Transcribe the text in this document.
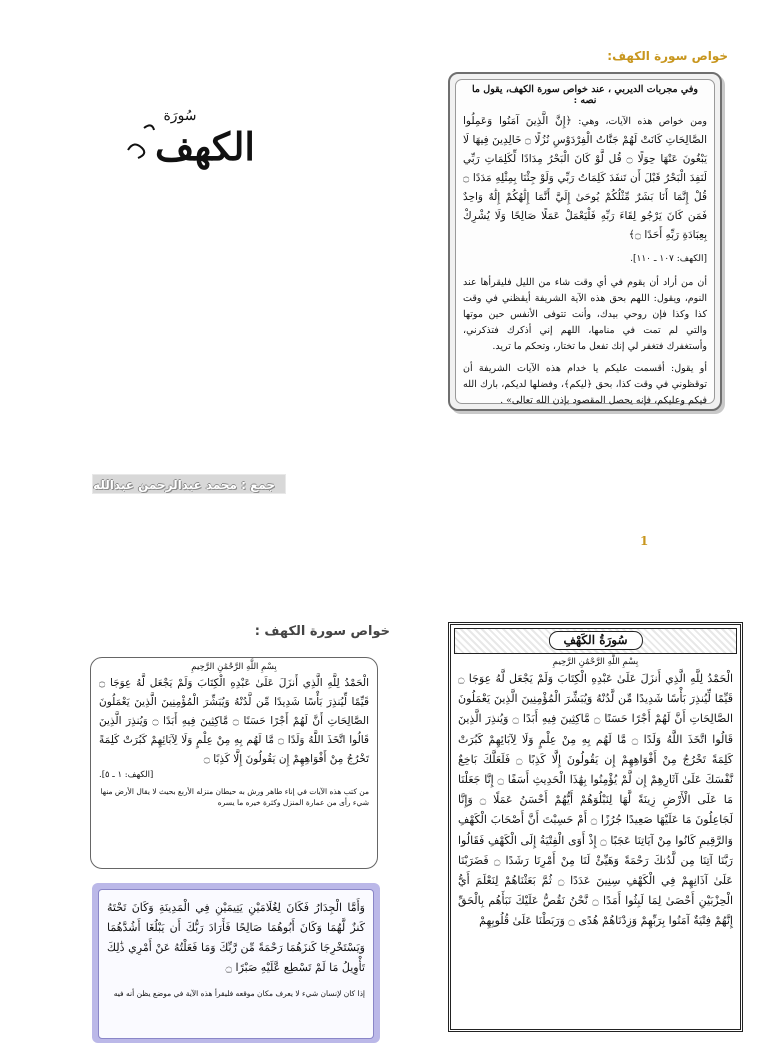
خواص سورة الكهف:
سُورَة
الكهف
وفي مجربات الديربي ، عند خواص سورة الكهف، يقول ما نصه :

ومن خواص هذه الآيات، وهي: ﴿إِنَّ الَّذِينَ آمَنُوا وَعَمِلُوا الصَّالِحَاتِ كَانَتْ لَهُمْ جَنَّاتُ الْفِرْدَوْسِ نُزُلًا ۝ خَالِدِينَ فِيهَا لَا يَبْغُونَ عَنْهَا حِوَلًا ۝ قُل لَّوْ كَانَ الْبَحْرُ مِدَادًا لِّكَلِمَاتِ رَبِّي لَنَفِدَ الْبَحْرُ قَبْلَ أَن تَنفَدَ كَلِمَاتُ رَبِّي وَلَوْ جِئْنَا بِمِثْلِهِ مَدَدًا ۝ قُلْ إِنَّمَا أَنَا بَشَرٌ مِّثْلُكُمْ يُوحَىٰ إِلَيَّ أَنَّمَا إِلَٰهُكُمْ إِلَٰهٌ وَاحِدٌ فَمَن كَانَ يَرْجُو لِقَاءَ رَبِّهِ فَلْيَعْمَلْ عَمَلًا صَالِحًا وَلَا يُشْرِكْ بِعِبَادَةِ رَبِّهِ أَحَدًا ۝﴾

[الكهف: ١٠٧ ـ ١١٠].

أن من أراد أن يقوم في أي وقت شاء من الليل فليقرأها عند النوم، ويقول: اللهم بحق هذه الآية الشريفة أيقظني في وقت كذا وكذا فإن روحي بيدك، وأنت تتوفى الأنفس حين موتها والتي لم تمت في منامها، اللهم إني أذكرك فتذكرني، وأستغفرك فتغفر لي إنك تفعل ما تختار، وتحكم ما تريد.

أو يقول: أقسمت عليكم يا خدام هذه الآيات الشريفة أن توقظوني في وقت كذا، بحق ﴿ليكم﴾، وفضلها لديكم، بارك الله فيكم وعليكم، فإنه يحصل المقصود بإذن الله تعالى» .

جمع : محمد عبدالرحمن عبدالله
1
خواص سورة الكهف :
بِسْمِ اللَّهِ الرَّحْمَٰنِ الرَّحِيمِ
الْحَمْدُ لِلَّهِ الَّذِي أَنزَلَ عَلَىٰ عَبْدِهِ الْكِتَابَ وَلَمْ يَجْعَل لَّهُ عِوَجَا ۝ قَيِّمًا لِّيُنذِرَ بَأْسًا شَدِيدًا مِّن لَّدُنْهُ وَيُبَشِّرَ الْمُؤْمِنِينَ الَّذِينَ يَعْمَلُونَ الصَّالِحَاتِ أَنَّ لَهُمْ أَجْرًا حَسَنًا ۝ مَّاكِثِينَ فِيهِ أَبَدًا ۝ وَيُنذِرَ الَّذِينَ قَالُوا اتَّخَذَ اللَّهُ وَلَدًا ۝ مَّا لَهُم بِهِ مِنْ عِلْمٍ وَلَا لِآبَائِهِمْ كَبُرَتْ كَلِمَةً تَخْرُجُ مِنْ أَفْوَاهِهِمْ إِن يَقُولُونَ إِلَّا كَذِبًا ۝
[الكهف: ١ ـ ٥].
من كتب هذه الآيات في إناء طاهر ورش به حيطان منزله الأربع بحيث لا يقال الأرض منها شيء رأى من عمارة المنزل وكثرة خيره ما يسره
وَأَمَّا الْجِدَارُ فَكَانَ لِغُلَامَيْنِ يَتِيمَيْنِ فِي الْمَدِينَةِ وَكَانَ تَحْتَهُ كَنزٌ لَّهُمَا وَكَانَ أَبُوهُمَا صَالِحًا فَأَرَادَ رَبُّكَ أَن يَبْلُغَا أَشُدَّهُمَا وَيَسْتَخْرِجَا كَنزَهُمَا رَحْمَةً مِّن رَّبِّكَ وَمَا فَعَلْتُهُ عَنْ أَمْرِي ذَٰلِكَ تَأْوِيلُ مَا لَمْ تَسْطِع عَّلَيْهِ صَبْرًا ۝
إذا كان لإنسان شيء لا يعرف مكان موقعه فليقرأ هذه الآية في موضع يظن أنه فيه
سُورَةُ الكَهْفِ
بِسْمِ اللَّهِ الرَّحْمَٰنِ الرَّحِيمِ
الْحَمْدُ لِلَّهِ الَّذِي أَنزَلَ عَلَىٰ عَبْدِهِ الْكِتَابَ وَلَمْ يَجْعَل لَّهُ عِوَجَا ۝ قَيِّمًا لِّيُنذِرَ بَأْسًا شَدِيدًا مِّن لَّدُنْهُ وَيُبَشِّرَ الْمُؤْمِنِينَ الَّذِينَ يَعْمَلُونَ الصَّالِحَاتِ أَنَّ لَهُمْ أَجْرًا حَسَنًا ۝ مَّاكِثِينَ فِيهِ أَبَدًا ۝ وَيُنذِرَ الَّذِينَ قَالُوا اتَّخَذَ اللَّهُ وَلَدًا ۝ مَّا لَهُم بِهِ مِنْ عِلْمٍ وَلَا لِآبَائِهِمْ كَبُرَتْ كَلِمَةً تَخْرُجُ مِنْ أَفْوَاهِهِمْ إِن يَقُولُونَ إِلَّا كَذِبًا ۝ فَلَعَلَّكَ بَاخِعٌ نَّفْسَكَ عَلَىٰ آثَارِهِمْ إِن لَّمْ يُؤْمِنُوا بِهَٰذَا الْحَدِيثِ أَسَفًا ۝ إِنَّا جَعَلْنَا مَا عَلَى الْأَرْضِ زِينَةً لَّهَا لِنَبْلُوَهُمْ أَيُّهُمْ أَحْسَنُ عَمَلًا ۝ وَإِنَّا لَجَاعِلُونَ مَا عَلَيْهَا صَعِيدًا جُرُزًا ۝ أَمْ حَسِبْتَ أَنَّ أَصْحَابَ الْكَهْفِ وَالرَّقِيمِ كَانُوا مِنْ آيَاتِنَا عَجَبًا ۝ إِذْ أَوَى الْفِتْيَةُ إِلَى الْكَهْفِ فَقَالُوا رَبَّنَا آتِنَا مِن لَّدُنكَ رَحْمَةً وَهَيِّئْ لَنَا مِنْ أَمْرِنَا رَشَدًا ۝ فَضَرَبْنَا عَلَىٰ آذَانِهِمْ فِي الْكَهْفِ سِنِينَ عَدَدًا ۝ ثُمَّ بَعَثْنَاهُمْ لِنَعْلَمَ أَيُّ الْحِزْبَيْنِ أَحْصَىٰ لِمَا لَبِثُوا أَمَدًا ۝ نَّحْنُ نَقُصُّ عَلَيْكَ نَبَأَهُم بِالْحَقِّ إِنَّهُمْ فِتْيَةٌ آمَنُوا بِرَبِّهِمْ وَزِدْنَاهُمْ هُدًى ۝ وَرَبَطْنَا عَلَىٰ قُلُوبِهِمْ
